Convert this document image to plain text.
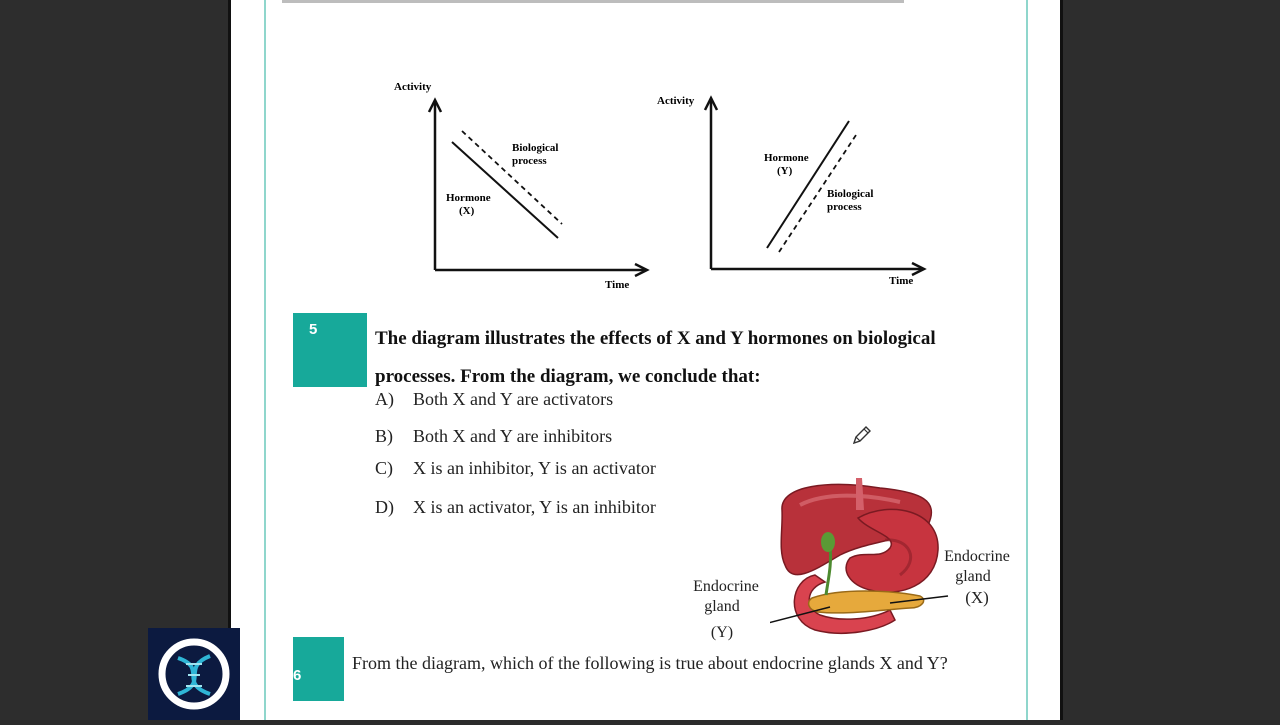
Activity
Time
Biological
process
Hormone
(X)
Activity
Time
Hormone
(Y)
Biological
process
5	The diagram illustrates the effects of X and Y hormones on biological
processes. From the diagram, we conclude that:
A) Both X and Y are activators
B) Both X and Y are inhibitors
C) X is an inhibitor, Y is an activator
D) X is an activator, Y is an inhibitor
Endocrine
gland
(Y)
Endocrine
gland
(X)
6
From the diagram, which of the following is true about endocrine glands X and Y?
